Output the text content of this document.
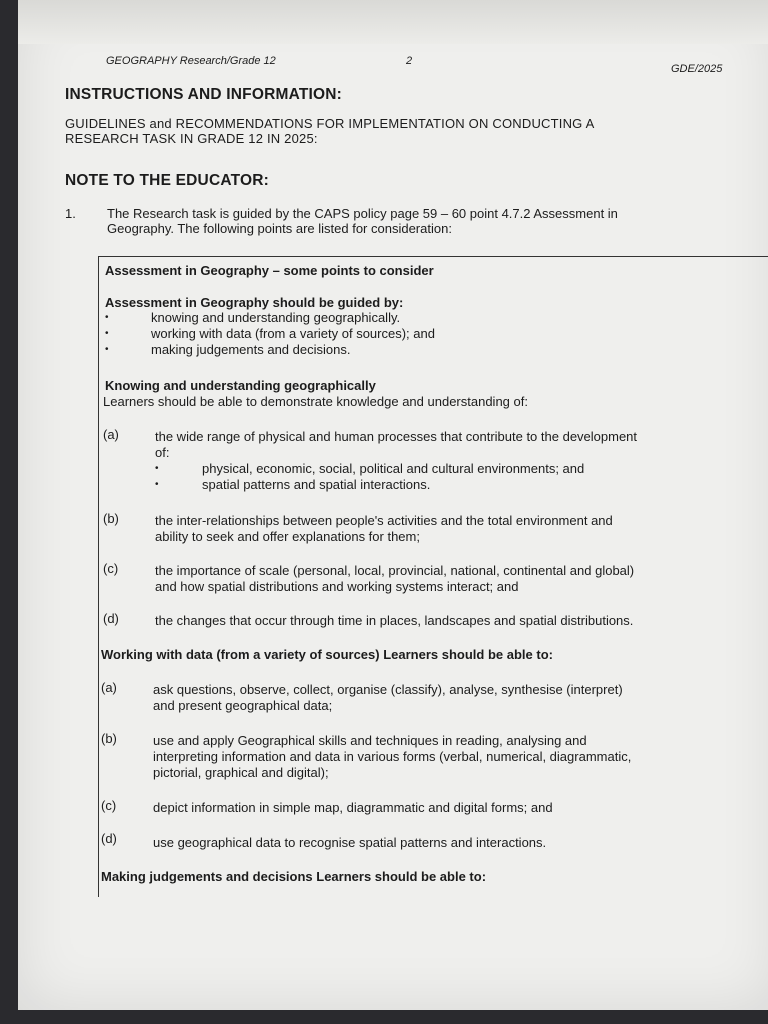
GEOGRAPHY Research/Grade 12	2
GDE/2025
INSTRUCTIONS AND INFORMATION:
GUIDELINES and RECOMMENDATIONS FOR IMPLEMENTATION ON CONDUCTING A
RESEARCH TASK IN GRADE 12 IN 2025:
NOTE TO THE EDUCATOR:
1. The Research task is guided by the CAPS policy page 59 – 60 point 4.7.2 Assessment in
Geography. The following points are listed for consideration:
Assessment in Geography – some points to consider
Assessment in Geography should be guided by:
•	knowing and understanding geographically.
•	working with data (from a variety of sources); and
•	making judgements and decisions.
Knowing and understanding geographically
Learners should be able to demonstrate knowledge and understanding of:
(a)	the wide range of physical and human processes that contribute to the development
of:
•	physical, economic, social, political and cultural environments; and
•	spatial patterns and spatial interactions.
(b)	the inter-relationships between people's activities and the total environment and
ability to seek and offer explanations for them;
(c)	the importance of scale (personal, local, provincial, national, continental and global)
and how spatial distributions and working systems interact; and
(d)	the changes that occur through time in places, landscapes and spatial distributions.
Working with data (from a variety of sources) Learners should be able to:
(a)	ask questions, observe, collect, organise (classify), analyse, synthesise (interpret)
and present geographical data;
(b)	use and apply Geographical skills and techniques in reading, analysing and
interpreting information and data in various forms (verbal, numerical, diagrammatic,
pictorial, graphical and digital);
(c)	depict information in simple map, diagrammatic and digital forms; and
(d)	use geographical data to recognise spatial patterns and interactions.
Making judgements and decisions Learners should be able to:
